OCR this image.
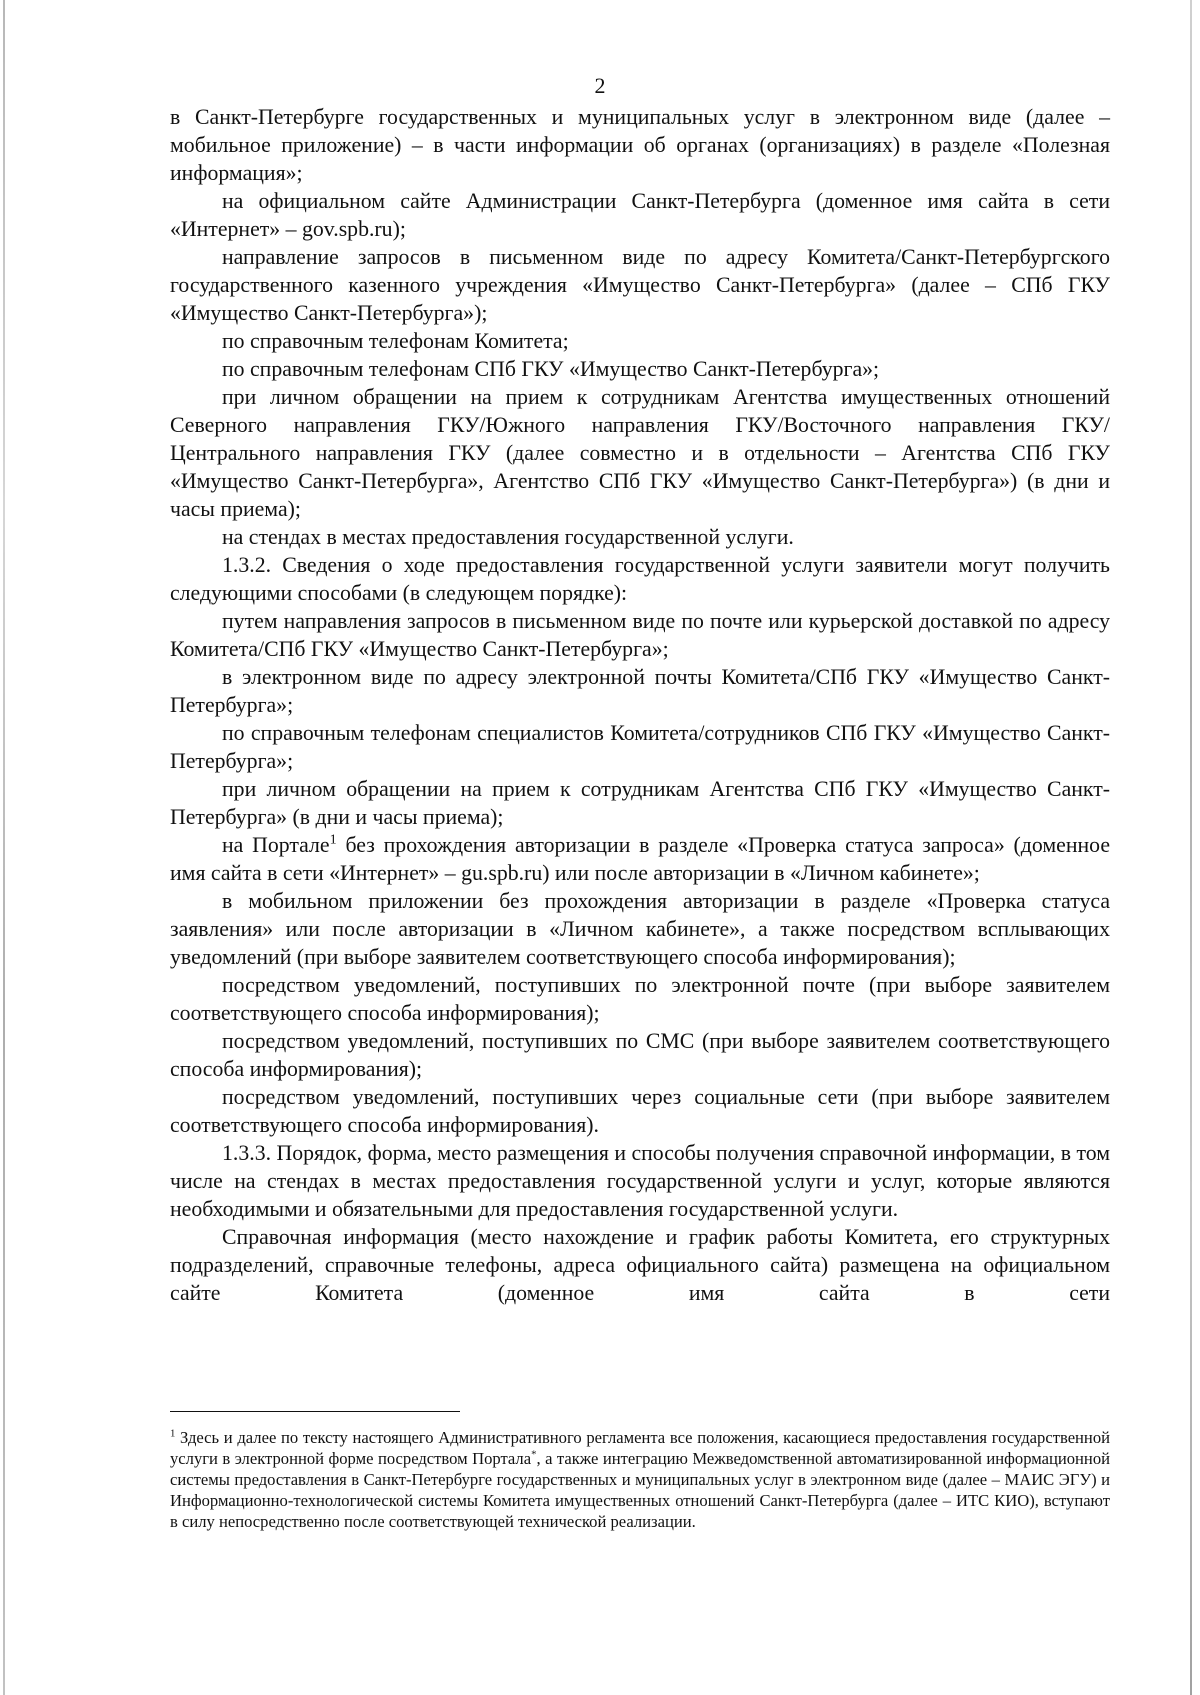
2

в Санкт-Петербурге государственных и муниципальных услуг в электронном виде (далее – мобильное приложение) – в части информации об органах (организациях) в разделе «Полезная информация»;

на официальном сайте Администрации Санкт-Петербурга (доменное имя сайта в сети «Интернет» – gov.spb.ru);

направление запросов в письменном виде по адресу Комитета/Санкт-Петербургского государственного казенного учреждения «Имущество Санкт-Петербурга» (далее – СПб ГКУ «Имущество Санкт-Петербурга»);

по справочным телефонам Комитета;

по справочным телефонам СПб ГКУ «Имущество Санкт-Петербурга»;

при личном обращении на прием к сотрудникам Агентства имущественных отношений Северного направления ГКУ/Южного направления ГКУ/Восточного направления ГКУ/Центрального направления ГКУ (далее совместно и в отдельности – Агентства СПб ГКУ «Имущество Санкт-Петербурга», Агентство СПб ГКУ «Имущество Санкт-Петербурга») (в дни и часы приема);

на стендах в местах предоставления государственной услуги.

1.3.2. Сведения о ходе предоставления государственной услуги заявители могут получить следующими способами (в следующем порядке):

путем направления запросов в письменном виде по почте или курьерской доставкой по адресу Комитета/СПб ГКУ «Имущество Санкт-Петербурга»;

в электронном виде по адресу электронной почты Комитета/СПб ГКУ «Имущество Санкт-Петербурга»;

по справочным телефонам специалистов Комитета/сотрудников СПб ГКУ «Имущество Санкт-Петербурга»;

при личном обращении на прием к сотрудникам Агентства СПб ГКУ «Имущество Санкт-Петербурга» (в дни и часы приема);

на Портале$^1$ без прохождения авторизации в разделе «Проверка статуса запроса» (доменное имя сайта в сети «Интернет» – gu.spb.ru) или после авторизации в «Личном кабинете»;

в мобильном приложении без прохождения авторизации в разделе «Проверка статуса заявления» или после авторизации в «Личном кабинете», а также посредством всплывающих уведомлений (при выборе заявителем соответствующего способа информирования);

посредством уведомлений, поступивших по электронной почте (при выборе заявителем соответствующего способа информирования);

посредством уведомлений, поступивших по СМС (при выборе заявителем соответствующего способа информирования);

посредством уведомлений, поступивших через социальные сети (при выборе заявителем соответствующего способа информирования).

1.3.3. Порядок, форма, место размещения и способы получения справочной информации, в том числе на стендах в местах предоставления государственной услуги и услуг, которые являются необходимыми и обязательными для предоставления государственной услуги.

Справочная информация (место нахождение и график работы Комитета, его структурных подразделений, справочные телефоны, адреса официального сайта) размещена на официальном сайте Комитета (доменное имя сайта в сети

$^1$ Здесь и далее по тексту настоящего Административного регламента все положения, касающиеся предоставления государственной услуги в электронной форме посредством Портала*, а также интеграцию Межведомственной автоматизированной информационной системы предоставления в Санкт-Петербурге государственных и муниципальных услуг в электронном виде (далее – МАИС ЭГУ) и Информационно-технологической системы Комитета имущественных отношений Санкт-Петербурга (далее – ИТС КИО), вступают в силу непосредственно после соответствующей технической реализации.
